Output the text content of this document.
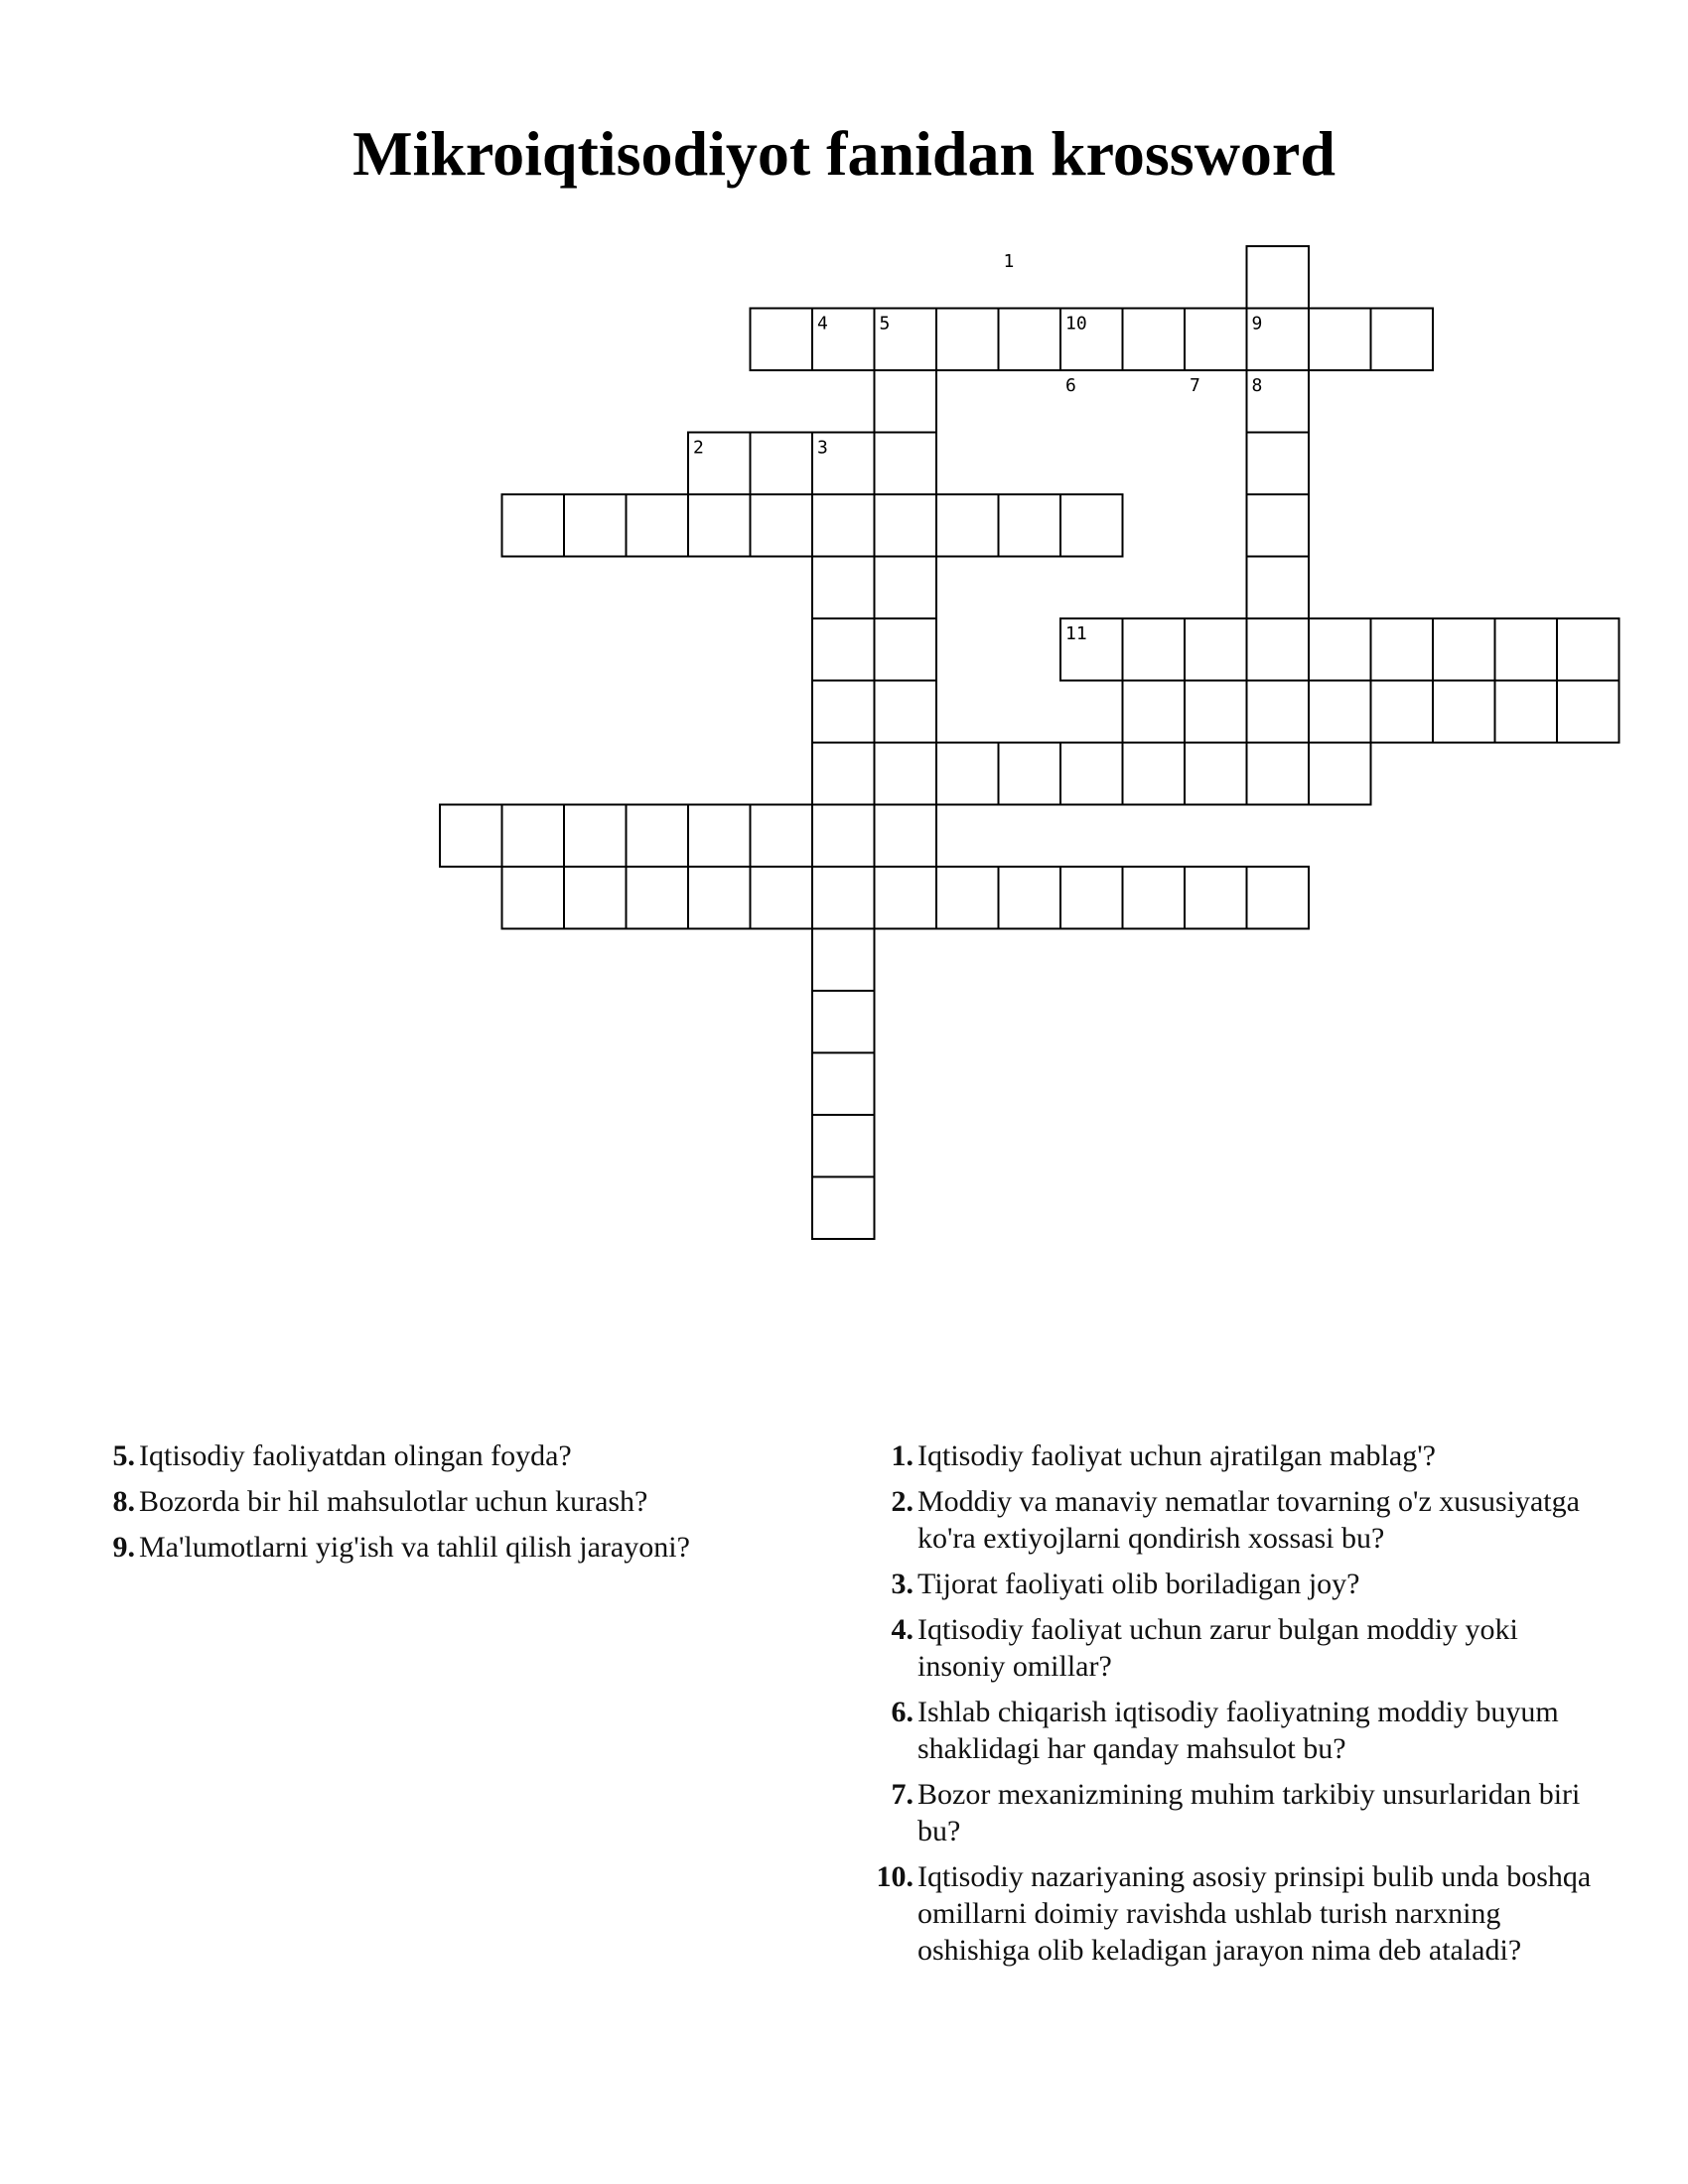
Mikroiqtisodiyot fanidan krossword
1
2	3
4	5
6	7	8
9
10
11
5. Iqtisodiy faoliyatdan olingan foyda?
8. Bozorda bir hil mahsulotlar uchun kurash?
9. Ma'lumotlarni yig'ish va tahlil qilish jarayoni?
1. Iqtisodiy faoliyat uchun ajratilgan mablag'?
2. Moddiy va manaviy nematlar tovarning o'z xususiyatga ko'ra extiyojlarni qondirish xossasi bu?
3. Tijorat faoliyati olib boriladigan joy?
4. Iqtisodiy faoliyat uchun zarur bulgan moddiy yoki insoniy omillar?
6. Ishlab chiqarish iqtisodiy faoliyatning moddiy buyum shaklidagi har qanday mahsulot bu?
7. Bozor mexanizmining muhim tarkibiy unsurlaridan biri bu?
10. Iqtisodiy nazariyaning asosiy prinsipi bulib unda boshqa omillarni doimiy ravishda ushlab turish narxning oshishiga olib keladigan jarayon nima deb ataladi?
